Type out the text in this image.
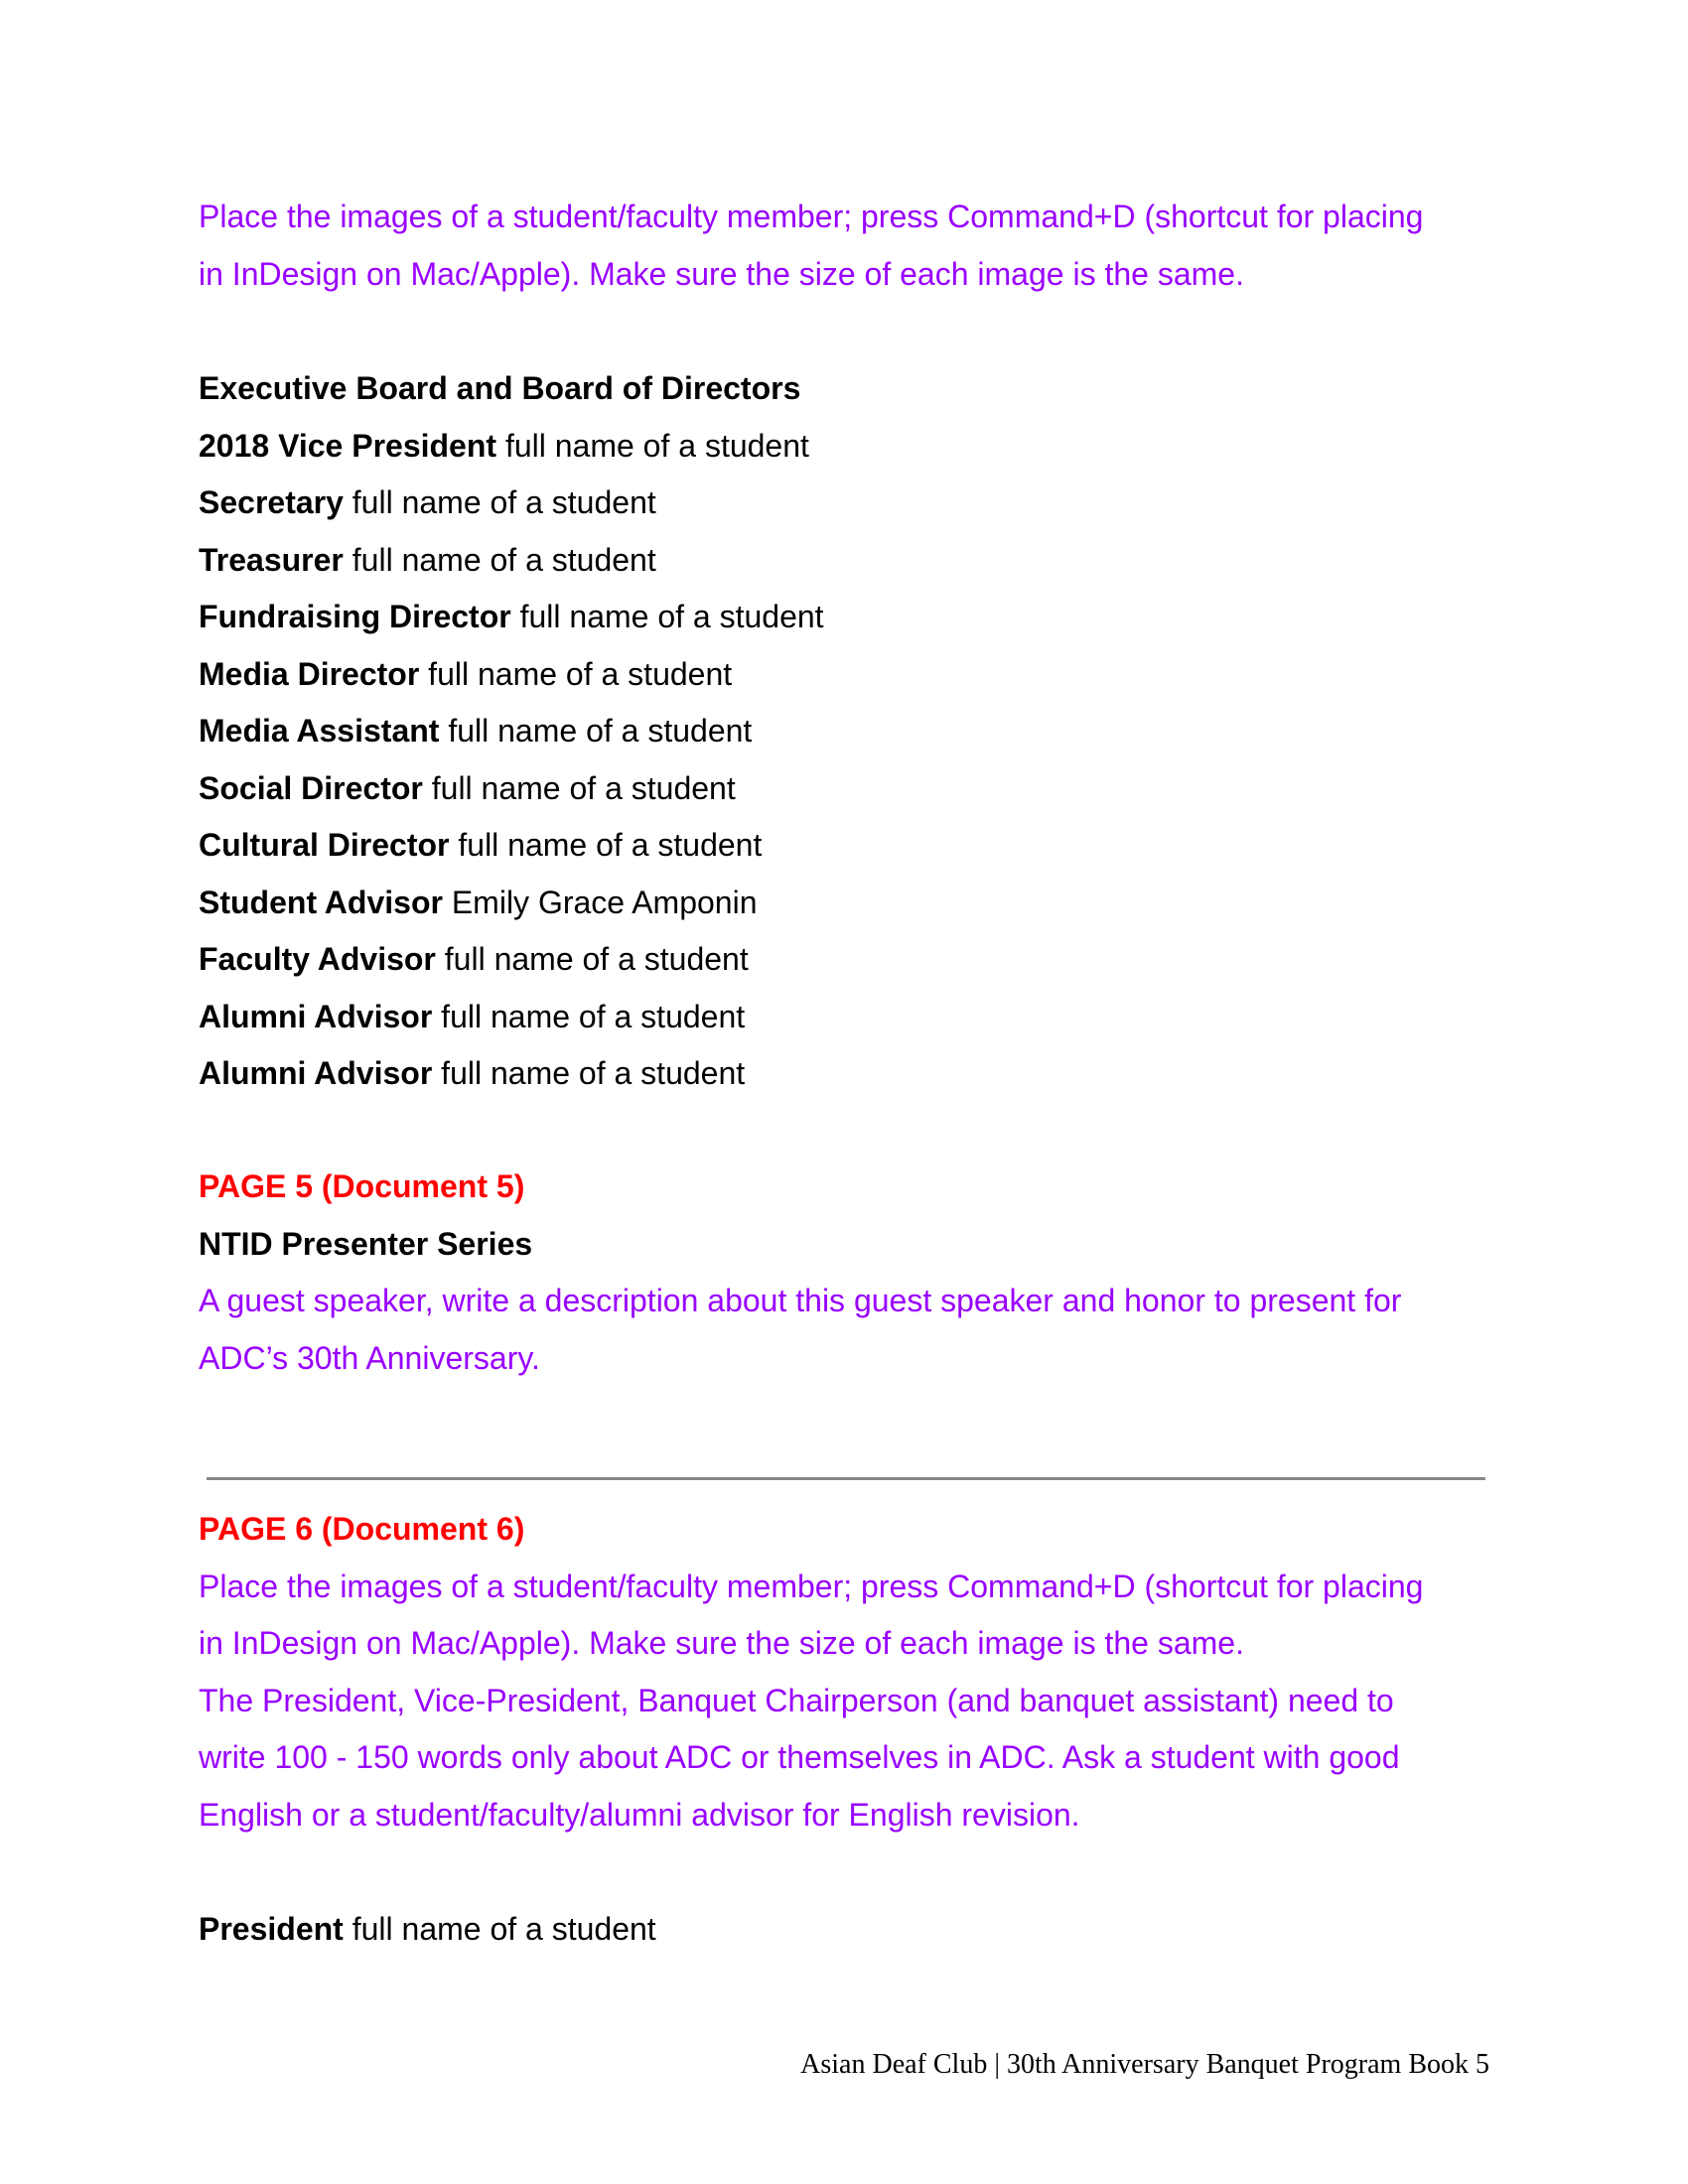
Place the images of a student/faculty member; press Command+D (shortcut for placing
in InDesign on Mac/Apple). Make sure the size of each image is the same.
Executive Board and Board of Directors
2018 Vice President full name of a student
Secretary full name of a student
Treasurer full name of a student
Fundraising Director full name of a student
Media Director full name of a student
Media Assistant full name of a student
Social Director full name of a student
Cultural Director full name of a student
Student Advisor Emily Grace Amponin
Faculty Advisor full name of a student
Alumni Advisor full name of a student
Alumni Advisor full name of a student
PAGE 5 (Document 5)
NTID Presenter Series
A guest speaker, write a description about this guest speaker and honor to present for
ADC’s 30th Anniversary.
PAGE 6 (Document 6)
Place the images of a student/faculty member; press Command+D (shortcut for placing
in InDesign on Mac/Apple). Make sure the size of each image is the same.
The President, Vice-President, Banquet Chairperson (and banquet assistant) need to
write 100 - 150 words only about ADC or themselves in ADC. Ask a student with good
English or a student/faculty/alumni advisor for English revision.
President full name of a student
Asian Deaf Club | 30th Anniversary Banquet Program Book 5
